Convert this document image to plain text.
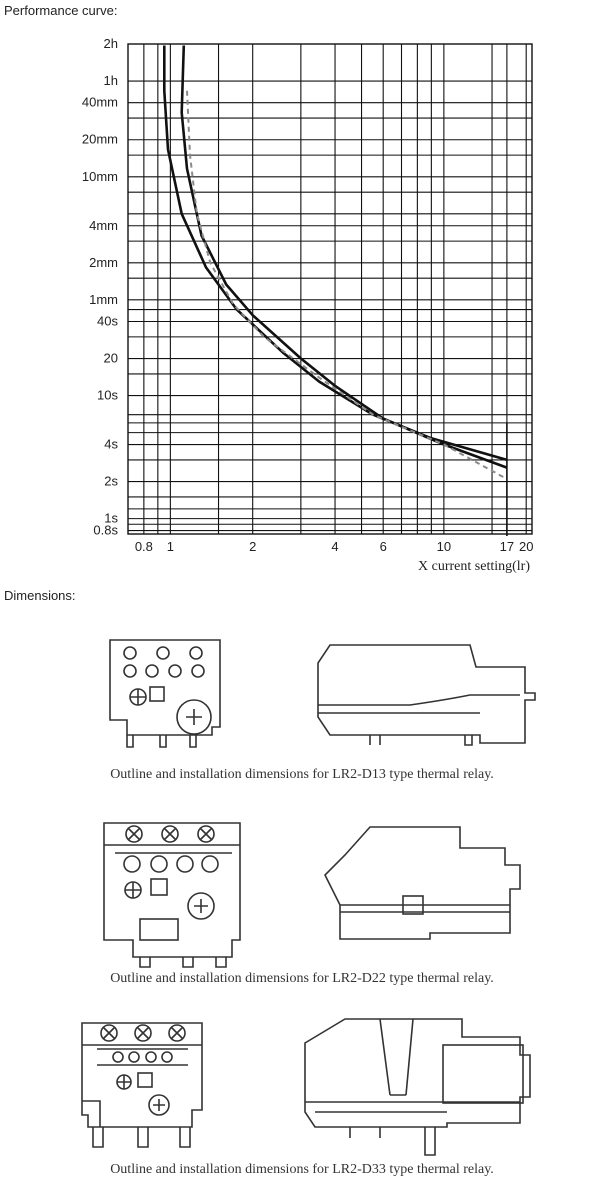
Performance curve:
2h
1h
40mm
20mm
10mm
4mm
2mm
1mm
40s
20
10s
4s
2s
1s
0.8s
0.8 1	2	4	6	10	17 20
X current setting(lr)
Dimensions:
Outline and installation dimensions for LR2-D13 type thermal relay.
Outline and installation dimensions for LR2-D22 type thermal relay.
Outline and installation dimensions for LR2-D33 type thermal relay.
